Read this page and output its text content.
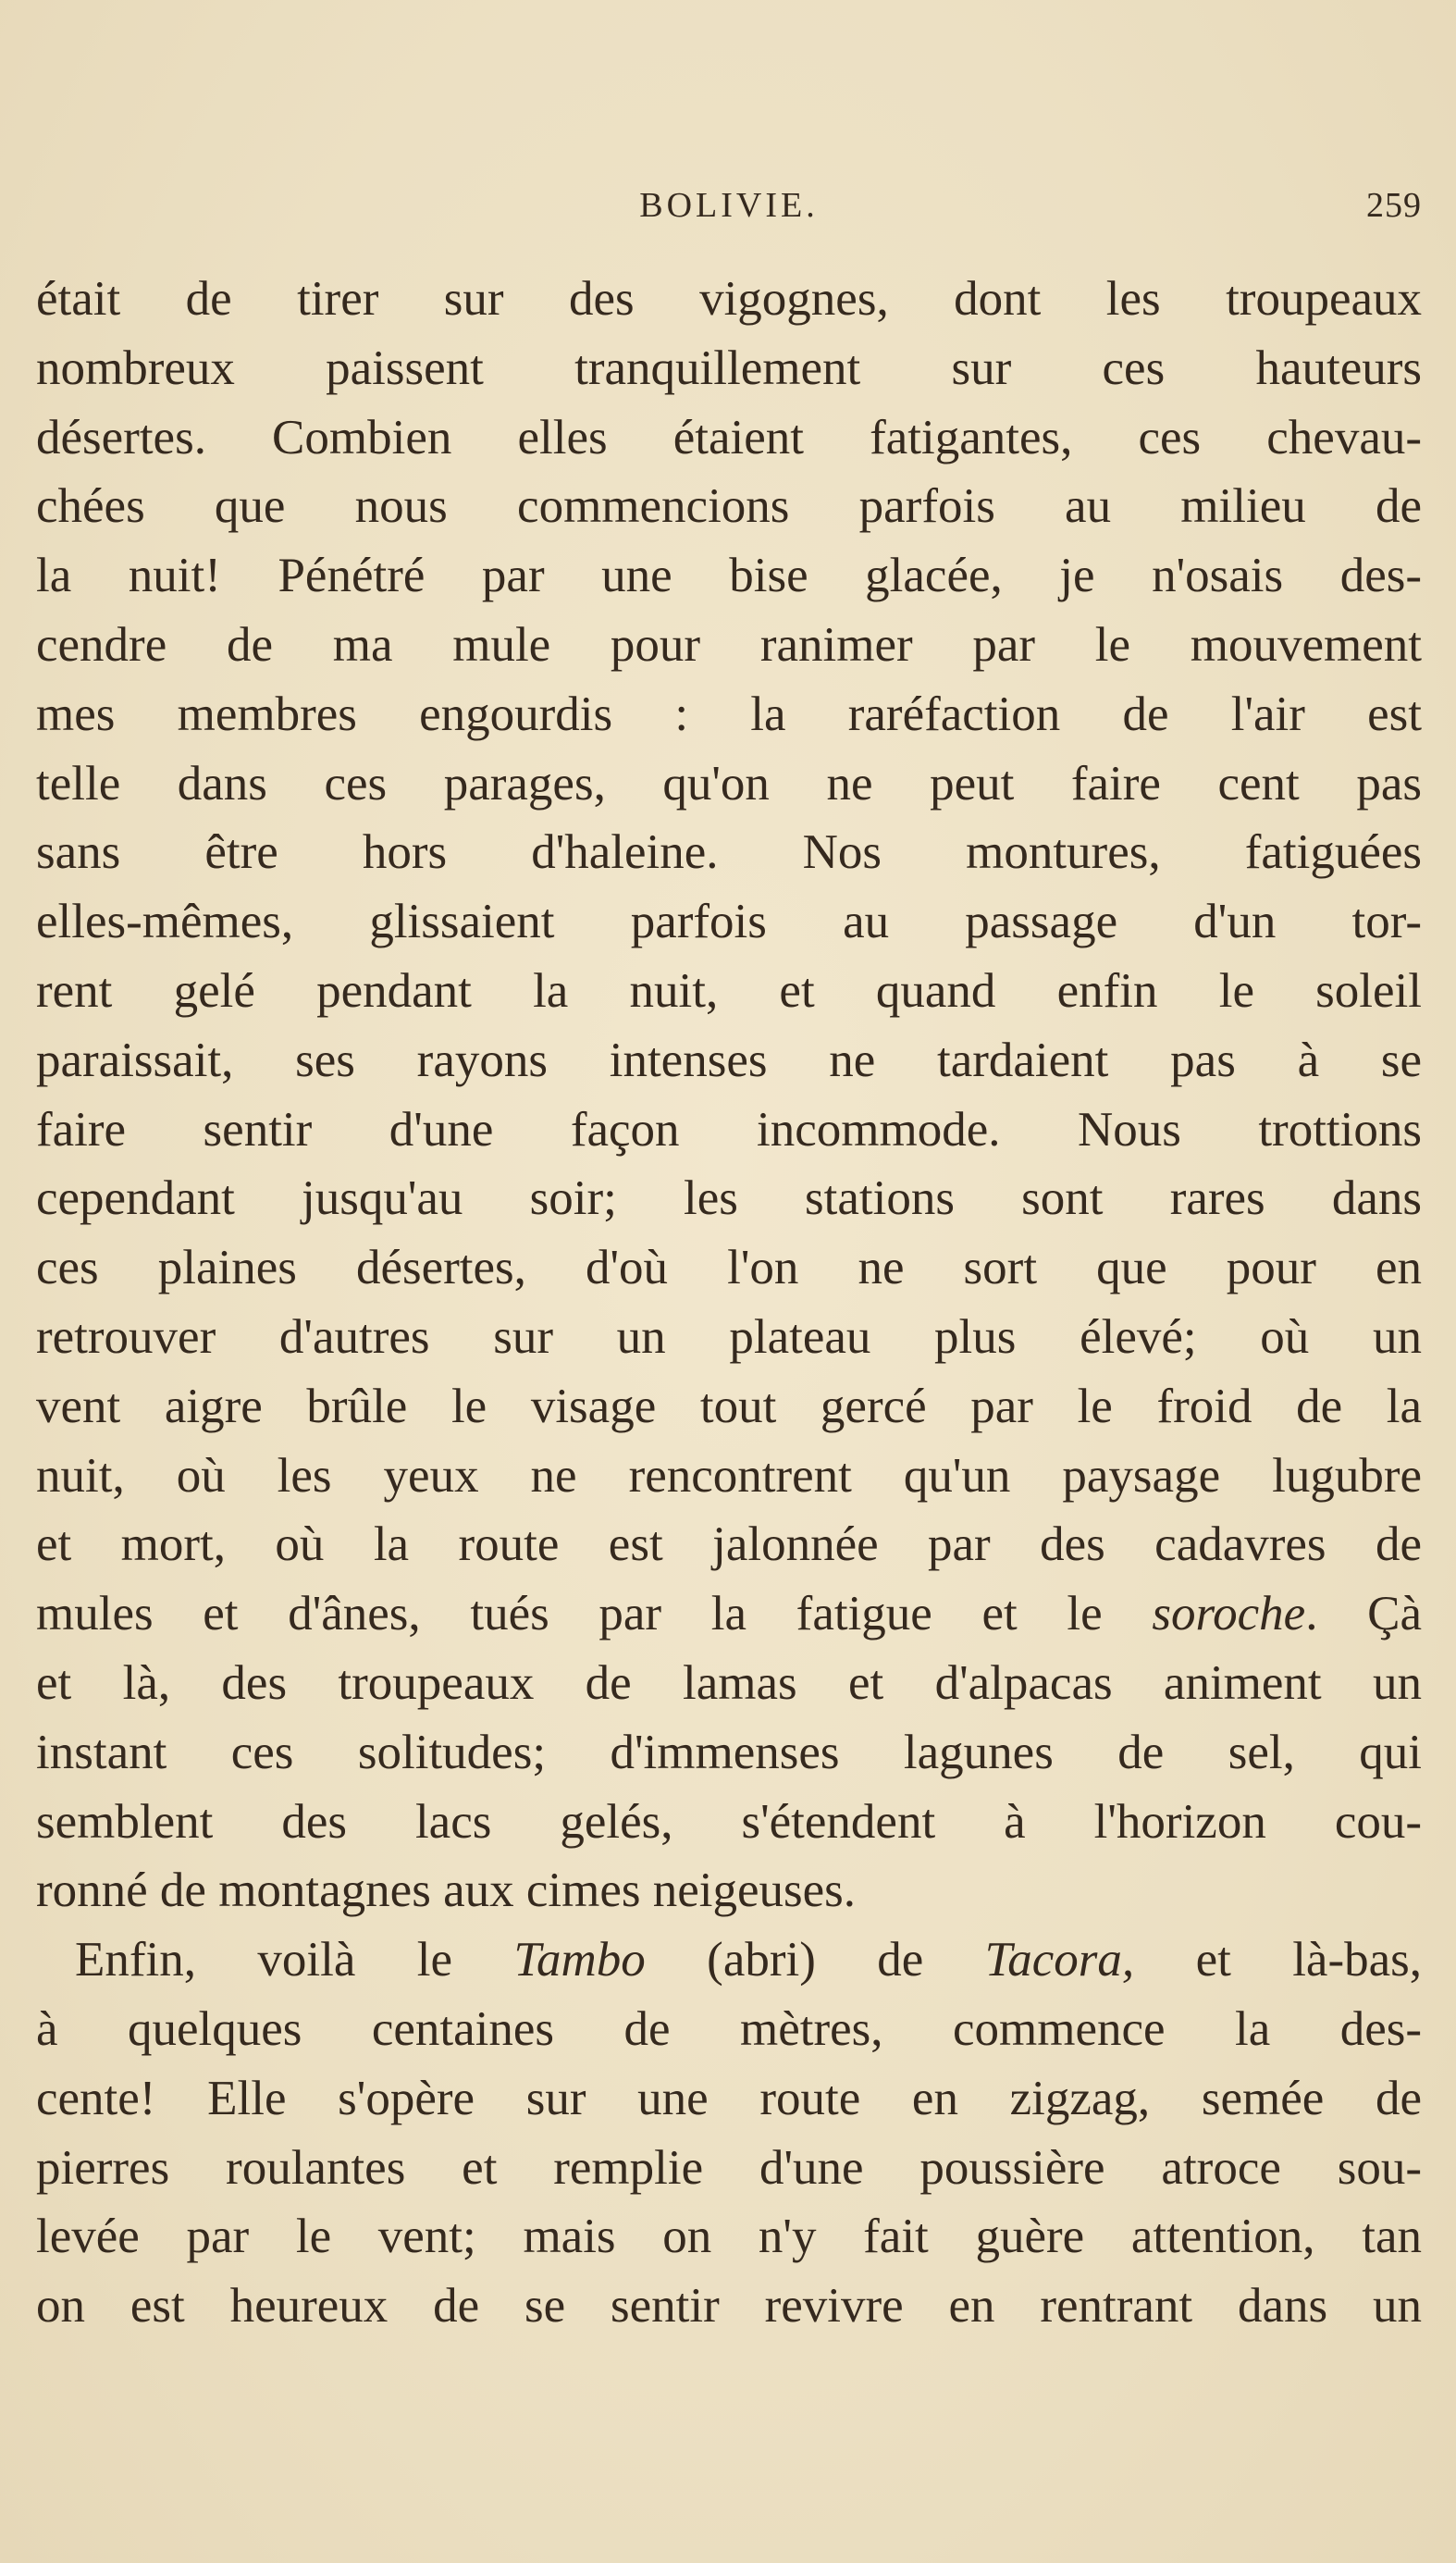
BOLIVIE.	259
était de tirer sur des vigognes, dont les troupeaux
nombreux paissent tranquillement sur ces hauteurs
désertes. Combien elles étaient fatigantes, ces chevau-
chées que nous commencions parfois au milieu de
la nuit! Pénétré par une bise glacée, je n'osais des-
cendre de ma mule pour ranimer par le mouvement
mes membres engourdis : la raréfaction de l'air est
telle dans ces parages, qu'on ne peut faire cent pas
sans être hors d'haleine. Nos montures, fatiguées
elles-mêmes, glissaient parfois au passage d'un tor-
rent gelé pendant la nuit, et quand enfin le soleil
paraissait, ses rayons intenses ne tardaient pas à se
faire sentir d'une façon incommode. Nous trottions
cependant jusqu'au soir; les stations sont rares dans
ces plaines désertes, d'où l'on ne sort que pour en
retrouver d'autres sur un plateau plus élevé; où un
vent aigre brûle le visage tout gercé par le froid de la
nuit, où les yeux ne rencontrent qu'un paysage lugubre
et mort, où la route est jalonnée par des cadavres de
mules et d'ânes, tués par la fatigue et le soroche. Çà
et là, des troupeaux de lamas et d'alpacas animent un
instant ces solitudes; d'immenses lagunes de sel, qui
semblent des lacs gelés, s'étendent à l'horizon cou-
ronné de montagnes aux cimes neigeuses.
Enfin, voilà le Tambo (abri) de Tacora, et là-bas,
à quelques centaines de mètres, commence la des-
cente! Elle s'opère sur une route en zigzag, semée de
pierres roulantes et remplie d'une poussière atroce sou-
levée par le vent; mais on n'y fait guère attention, tan
on est heureux de se sentir revivre en rentrant dans un
